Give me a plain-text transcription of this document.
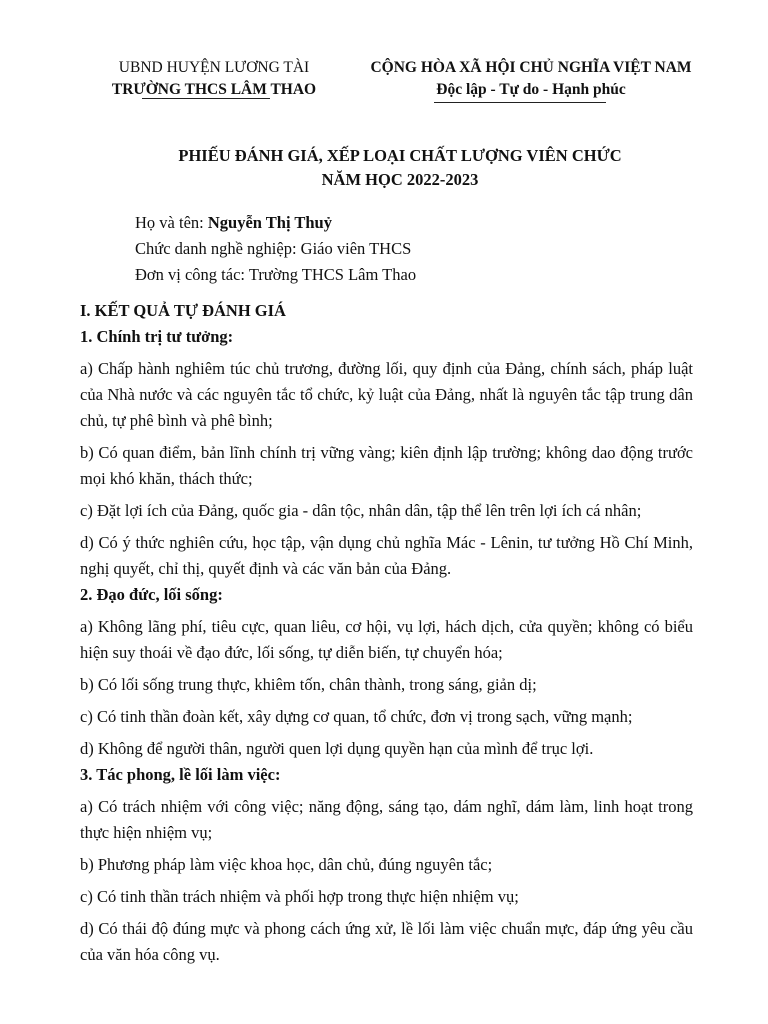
UBND HUYỆN LƯƠNG TÀI
TRƯỜNG THCS LÂM THAO
CỘNG HÒA XÃ HỘI CHỦ NGHĨA VIỆT NAM
Độc lập - Tự do - Hạnh phúc
PHIẾU ĐÁNH GIÁ, XẾP LOẠI CHẤT LƯỢNG VIÊN CHỨC
NĂM HỌC 2022-2023
Họ và tên: Nguyễn Thị Thuỷ
Chức danh nghề nghiệp: Giáo viên THCS
Đơn vị công tác: Trường THCS Lâm Thao
I. KẾT QUẢ TỰ ĐÁNH GIÁ
1. Chính trị tư tưởng:

a) Chấp hành nghiêm túc chủ trương, đường lối, quy định của Đảng, chính sách, pháp luật của Nhà nước và các nguyên tắc tổ chức, kỷ luật của Đảng, nhất là nguyên tắc tập trung dân chủ, tự phê bình và phê bình;

b) Có quan điểm, bản lĩnh chính trị vững vàng; kiên định lập trường; không dao động trước mọi khó khăn, thách thức;

c) Đặt lợi ích của Đảng, quốc gia - dân tộc, nhân dân, tập thể lên trên lợi ích cá nhân;

d) Có ý thức nghiên cứu, học tập, vận dụng chủ nghĩa Mác - Lênin, tư tưởng Hồ Chí Minh, nghị quyết, chỉ thị, quyết định và các văn bản của Đảng.

2. Đạo đức, lối sống:

a) Không lãng phí, tiêu cực, quan liêu, cơ hội, vụ lợi, hách dịch, cửa quyền; không có biểu hiện suy thoái về đạo đức, lối sống, tự diễn biến, tự chuyển hóa;

b) Có lối sống trung thực, khiêm tốn, chân thành, trong sáng, giản dị;

c) Có tinh thần đoàn kết, xây dựng cơ quan, tổ chức, đơn vị trong sạch, vững mạnh;

d) Không để người thân, người quen lợi dụng quyền hạn của mình để trục lợi.

3. Tác phong, lề lối làm việc:

a) Có trách nhiệm với công việc; năng động, sáng tạo, dám nghĩ, dám làm, linh hoạt trong thực hiện nhiệm vụ;

b) Phương pháp làm việc khoa học, dân chủ, đúng nguyên tắc;

c) Có tinh thần trách nhiệm và phối hợp trong thực hiện nhiệm vụ;

d) Có thái độ đúng mực và phong cách ứng xử, lề lối làm việc chuẩn mực, đáp ứng yêu cầu của văn hóa công vụ.
